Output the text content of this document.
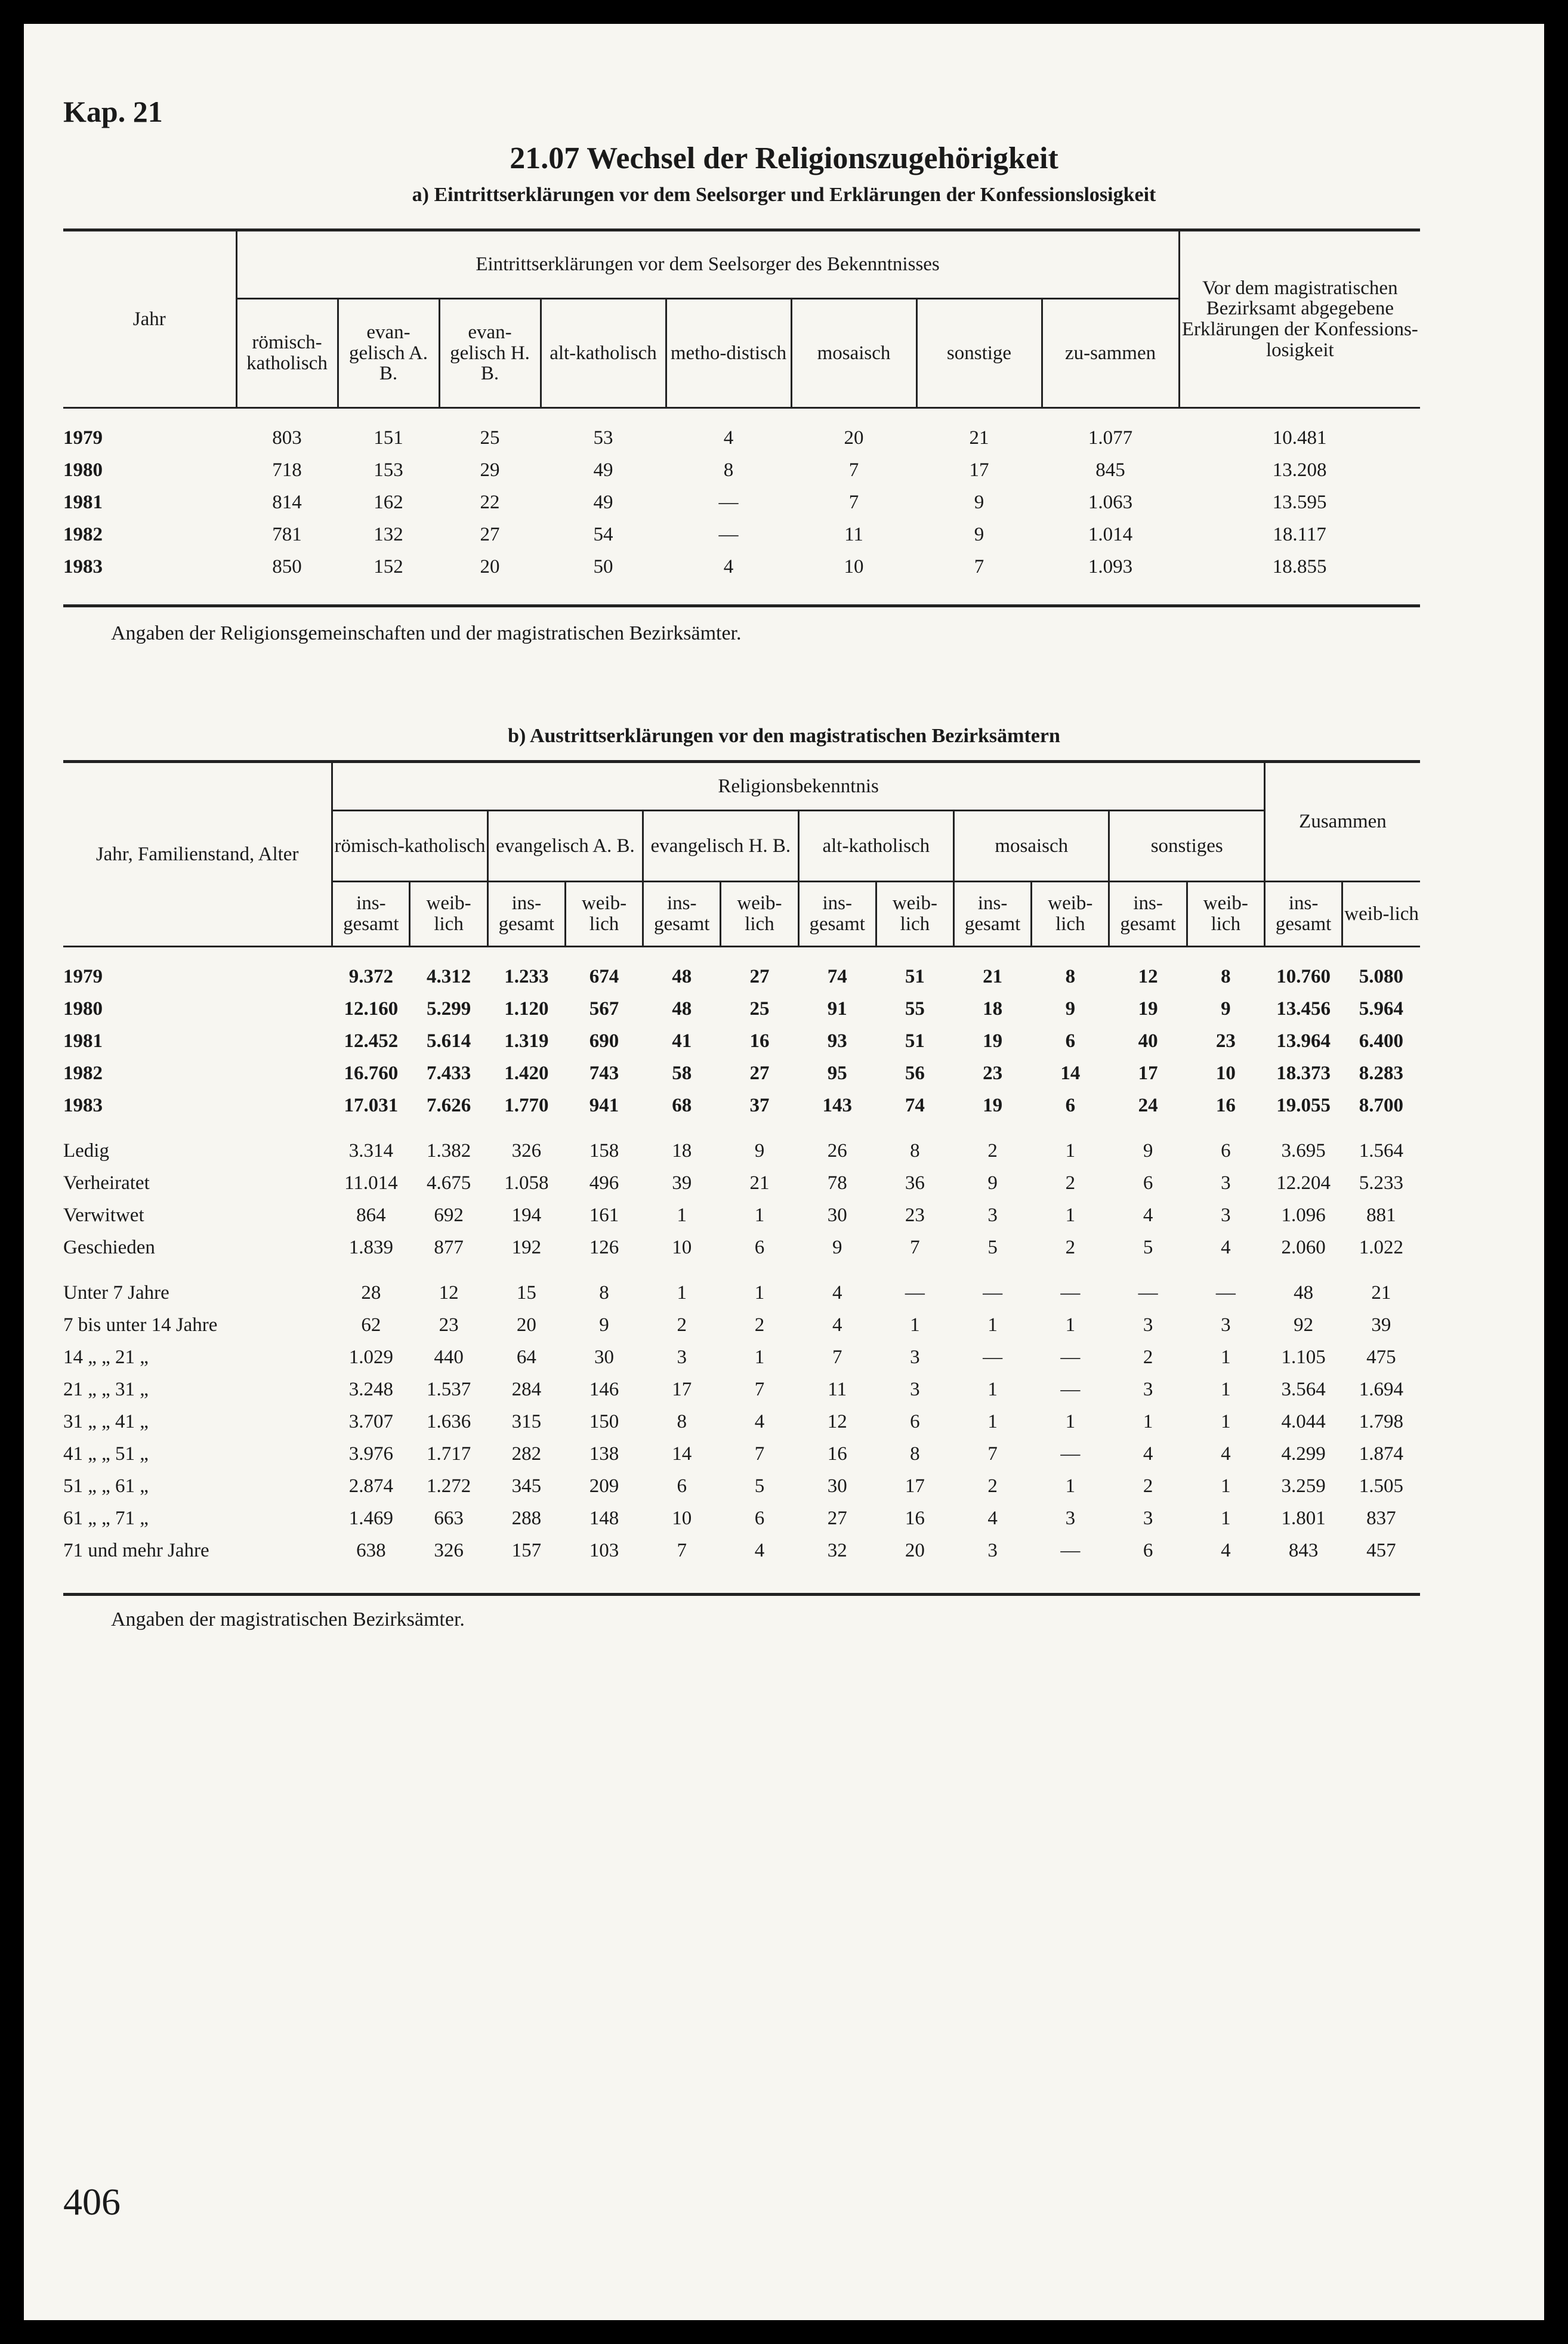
Kap. 21
21.07 Wechsel der Religionszugehörigkeit
a) Eintrittserklärungen vor dem Seelsorger und Erklärungen der Konfessionslosigkeit
Jahr	Eintrittserklärungen vor dem Seelsorger des Bekenntnisses								Vor dem magistratischen Bezirksamt abgegebene Erklärungen der Konfessions-losigkeit
	römisch-katholisch	evan-gelisch A. B.	evan-gelisch H. B.	alt-katholisch	metho-distisch	mosaisch	sonstige	zu-sammen	

1979	803	151	25	53	4	20	21	1.077	10.481
1980	718	153	29	49	8	7	17	845	13.208
1981	814	162	22	49	—	7	9	1.063	13.595
1982	781	132	27	54	—	11	9	1.014	18.117
1983	850	152	20	50	4	10	7	1.093	18.855
Angaben der Religionsgemeinschaften und der magistratischen Bezirksämter.
b) Austrittserklärungen vor den magistratischen Bezirksämtern
Jahr, Familienstand, Alter	Religionsbekenntnis												Zusammen	
	römisch-katholisch		evangelisch A. B.		evangelisch H. B.		alt-katholisch		mosaisch		sonstiges			
	ins-gesamt	weib-lich	ins-gesamt	weib-lich	ins-gesamt	weib-lich	ins-gesamt	weib-lich	ins-gesamt	weib-lich	ins-gesamt	weib-lich	ins-gesamt	weib-lich

1979	9.372	4.312	1.233	674	48	27	74	51	21	8	12	8	10.760	5.080
1980	12.160	5.299	1.120	567	48	25	91	55	18	9	19	9	13.456	5.964
1981	12.452	5.614	1.319	690	41	16	93	51	19	6	40	23	13.964	6.400
1982	16.760	7.433	1.420	743	58	27	95	56	23	14	17	10	18.373	8.283
1983	17.031	7.626	1.770	941	68	37	143	74	19	6	24	16	19.055	8.700

Ledig	3.314	1.382	326	158	18	9	26	8	2	1	9	6	3.695	1.564
Verheiratet	11.014	4.675	1.058	496	39	21	78	36	9	2	6	3	12.204	5.233
Verwitwet	864	692	194	161	1	1	30	23	3	1	4	3	1.096	881
Geschieden	1.839	877	192	126	10	6	9	7	5	2	5	4	2.060	1.022

Unter 7 Jahre	28	12	15	8	1	1	4	—	—	—	—	—	48	21
7 bis unter 14 Jahre	62	23	20	9	2	2	4	1	1	1	3	3	92	39
14 „ „ 21 „	1.029	440	64	30	3	1	7	3	—	—	2	1	1.105	475
21 „ „ 31 „	3.248	1.537	284	146	17	7	11	3	1	—	3	1	3.564	1.694
31 „ „ 41 „	3.707	1.636	315	150	8	4	12	6	1	1	1	1	4.044	1.798
41 „ „ 51 „	3.976	1.717	282	138	14	7	16	8	7	—	4	4	4.299	1.874
51 „ „ 61 „	2.874	1.272	345	209	6	5	30	17	2	1	2	1	3.259	1.505
61 „ „ 71 „	1.469	663	288	148	10	6	27	16	4	3	3	1	1.801	837
71 und mehr Jahre	638	326	157	103	7	4	32	20	3	—	6	4	843	457
Angaben der magistratischen Bezirksämter.
406
